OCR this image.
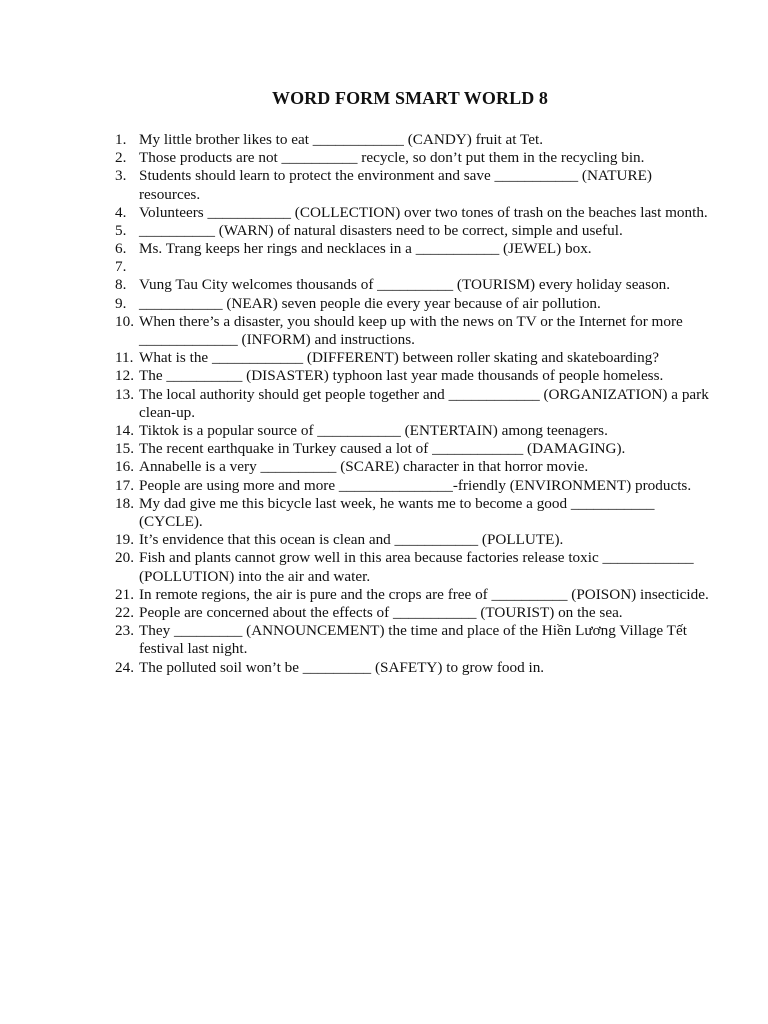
WORD FORM SMART WORLD 8
1. My little brother likes to eat ____________ (CANDY) fruit at Tet.
2. Those products are not __________ recycle, so don’t put them in the recycling bin.
3. Students should learn to protect the environment and save ___________ (NATURE) resources.
4. Volunteers ___________ (COLLECTION) over two tones of trash on the beaches last month.
5. __________ (WARN) of natural disasters need to be correct, simple and useful.
6. Ms. Trang keeps her rings and necklaces in a ___________ (JEWEL) box.
7.
8. Vung Tau City welcomes thousands of __________ (TOURISM) every holiday season.
9. ___________ (NEAR) seven people die every year because of air pollution.
10. When there’s a disaster, you should keep up with the news on TV or the Internet for more _____________ (INFORM) and instructions.
11. What is the ____________ (DIFFERENT) between roller skating and skateboarding?
12. The __________ (DISASTER) typhoon last year made thousands of people homeless.
13. The local authority should get people together and ____________ (ORGANIZATION) a park clean-up.
14. Tiktok is a popular source of ___________ (ENTERTAIN) among teenagers.
15. The recent earthquake in Turkey caused a lot of ____________ (DAMAGING).
16. Annabelle is a very __________ (SCARE) character in that horror movie.
17. People are using more and more _______________-friendly (ENVIRONMENT) products.
18. My dad give me this bicycle last week, he wants me to become a good ___________ (CYCLE).
19. It’s envidence that this ocean is clean and ___________ (POLLUTE).
20. Fish and plants cannot grow well in this area because factories release toxic ____________ (POLLUTION) into the air and water.
21. In remote regions, the air is pure and the crops are free of __________ (POISON) insecticide.
22. People are concerned about the effects of ___________ (TOURIST) on the sea.
23. They _________ (ANNOUNCEMENT) the time and place of the Hiền Lương Village Tết festival last night.
24. The polluted soil won’t be _________ (SAFETY) to grow food in.
